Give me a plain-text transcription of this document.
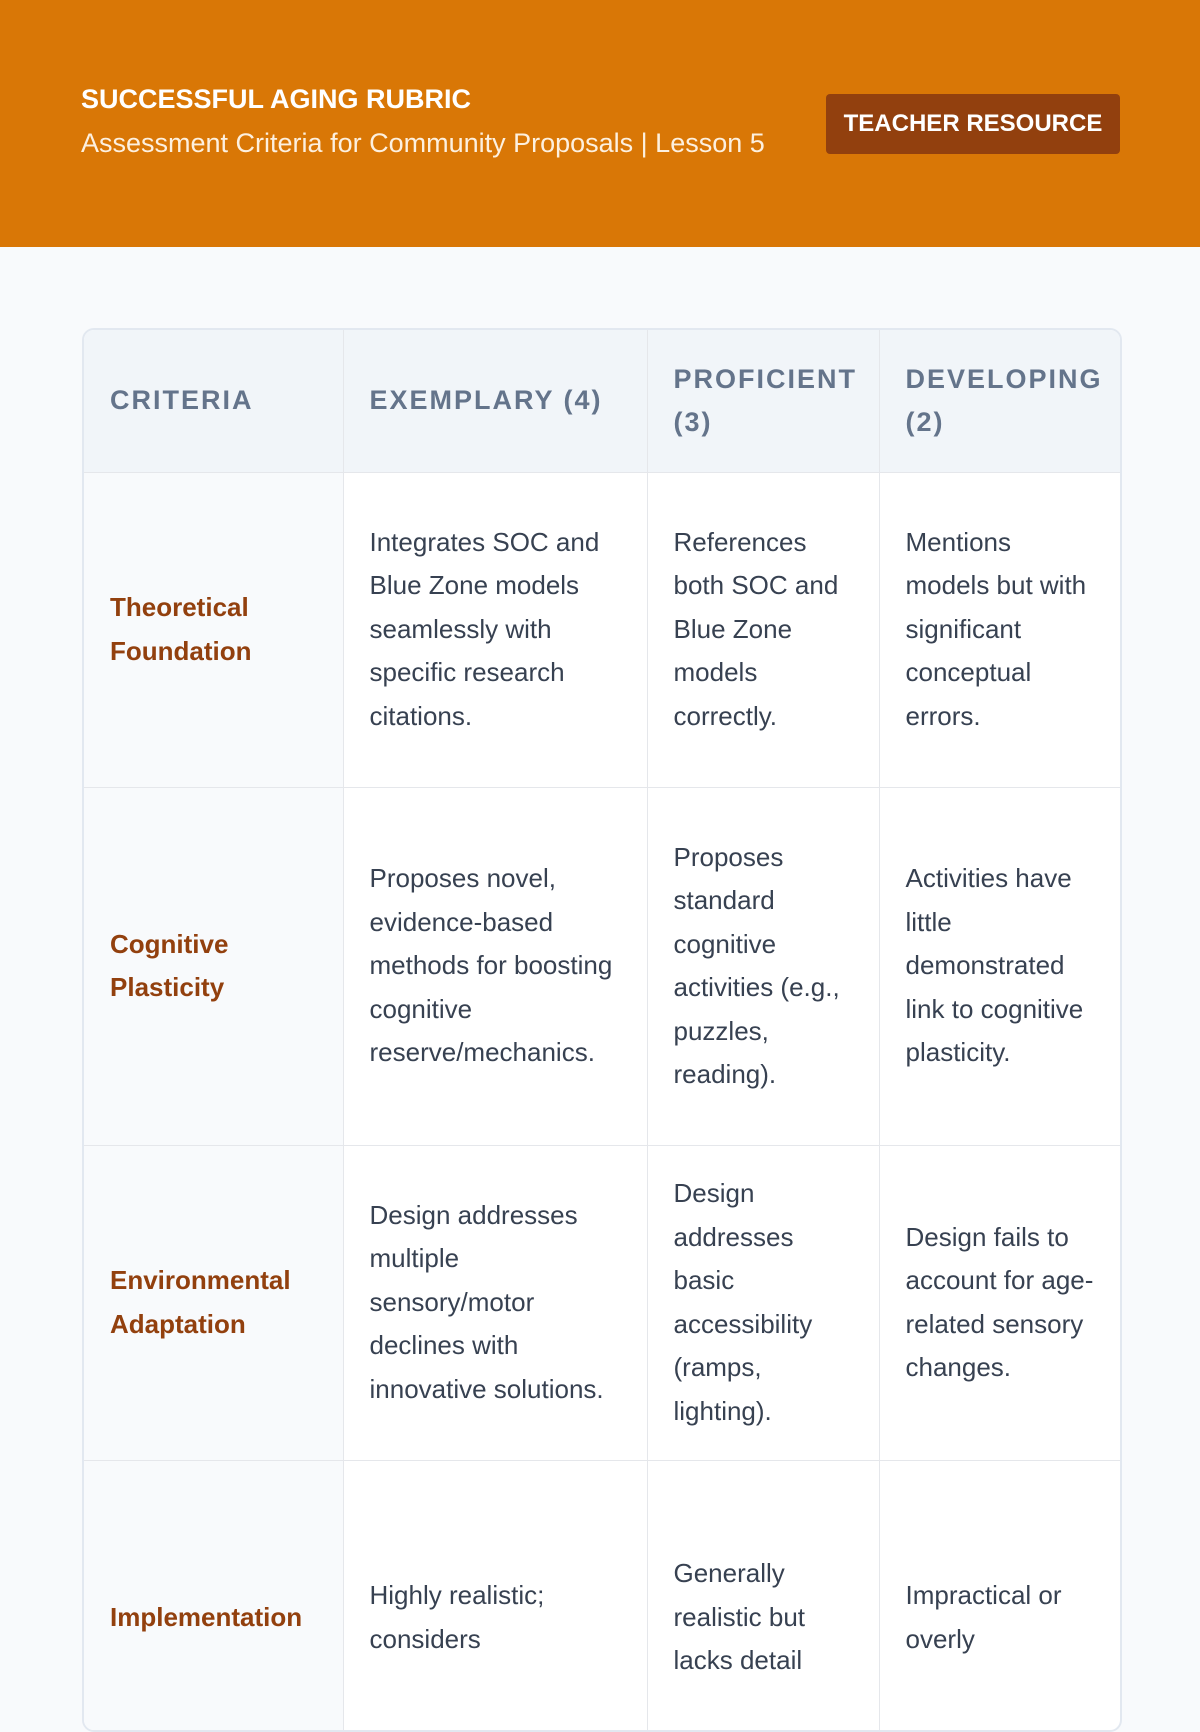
SUCCESSFUL AGING RUBRIC
Assessment Criteria for Community Proposals | Lesson 5
TEACHER RESOURCE
CRITERIA	EXEMPLARY (4)	PROFICIENT (3)	DEVELOPING (2)
Theoretical Foundation	Integrates SOC and Blue Zone models seamlessly with specific research citations.	References both SOC and Blue Zone models correctly.	Mentions models but with significant conceptual errors.
Cognitive Plasticity	Proposes novel, evidence-based methods for boosting cognitive reserve/mechanics.	Proposes standard cognitive activities (e.g., puzzles, reading).	Activities have little demonstrated link to cognitive plasticity.
Environmental Adaptation	Design addresses multiple sensory/motor declines with innovative solutions.	Design addresses basic accessibility (ramps, lighting).	Design fails to account for age-related sensory changes.
Implementation	Highly realistic; considers	Generally realistic but lacks detail	Impractical or overly
